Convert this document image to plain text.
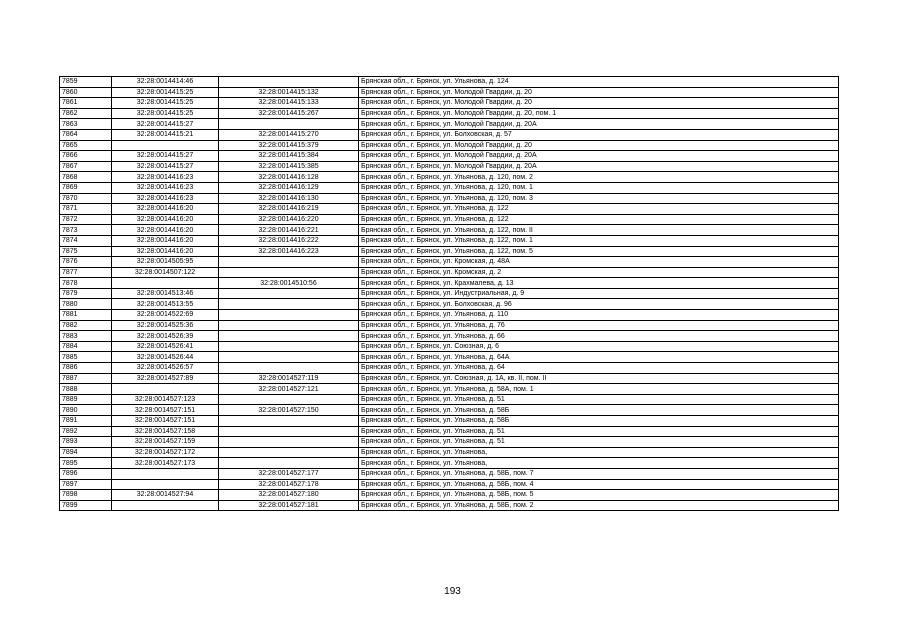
7859	32:28:0014414:46		Брянская обл., г. Брянск, ул. Ульянова, д. 124
7860	32:28:0014415:25	32:28:0014415:132	Брянская обл., г. Брянск, ул. Молодой Гвардии, д. 20
7861	32:28:0014415:25	32:28:0014415:133	Брянская обл., г. Брянск, ул. Молодой Гвардии, д. 20
7862	32:28:0014415:25	32:28:0014415:267	Брянская обл., г. Брянск, ул. Молодой Гвардии, д. 20, пом. 1
7863	32:28:0014415:27		Брянская обл., г. Брянск, ул. Молодой Гвардии, д. 20А
7864	32:28:0014415:21	32:28:0014415:270	Брянская обл., г. Брянск, ул. Болховская, д. 57
7865		32:28:0014415:379	Брянская обл., г. Брянск, ул. Молодой Гвардии, д. 20
7866	32:28:0014415:27	32:28:0014415:384	Брянская обл., г. Брянск, ул. Молодой Гвардии, д. 20А
7867	32:28:0014415:27	32:28:0014415:385	Брянская обл., г. Брянск, ул. Молодой Гвардии, д. 20А
7868	32:28:0014416:23	32:28:0014416:128	Брянская обл., г. Брянск, ул. Ульянова, д. 120, пом. 2
7869	32:28:0014416:23	32:28:0014416:129	Брянская обл., г. Брянск, ул. Ульянова, д. 120, пом. 1
7870	32:28:0014416:23	32:28:0014416:130	Брянская обл., г. Брянск, ул. Ульянова, д. 120, пом. 3
7871	32:28:0014416:20	32:28:0014416:219	Брянская обл., г. Брянск, ул. Ульянова, д. 122
7872	32:28:0014416:20	32:28:0014416:220	Брянская обл., г. Брянск, ул. Ульянова, д. 122
7873	32:28:0014416:20	32:28:0014416:221	Брянская обл., г. Брянск, ул. Ульянова, д. 122, пом. II
7874	32:28:0014416:20	32:28:0014416:222	Брянская обл., г. Брянск, ул. Ульянова, д. 122, пом. 1
7875	32:28:0014416:20	32:28:0014416:223	Брянская обл., г. Брянск, ул. Ульянова, д. 122, пом. 5
7876	32:28:0014505:95		Брянская обл., г. Брянск, ул. Кромская, д. 48А
7877	32:28:0014507:122		Брянская обл., г. Брянск, ул. Кромская, д. 2
7878		32:28:0014510:56	Брянская обл., г. Брянск, ул. Крахмалева, д. 13
7879	32:28:0014513:46		Брянская обл., г. Брянск, ул. Индустриальная, д. 9
7880	32:28:0014513:55		Брянская обл., г. Брянск, ул. Болховская, д. 96
7881	32:28:0014522:69		Брянская обл., г. Брянск, ул. Ульянова, д. 110
7882	32:28:0014525:36		Брянская обл., г. Брянск, ул. Ульянова, д. 76
7883	32:28:0014526:39		Брянская обл., г. Брянск, ул. Ульянова, д. 66
7884	32:28:0014526:41		Брянская обл., г. Брянск, ул. Союзная, д. 6
7885	32:28:0014526:44		Брянская обл., г. Брянск, ул. Ульянова, д. 64А
7886	32:28:0014526:57		Брянская обл., г. Брянск, ул. Ульянова, д. 64
7887	32:28:0014527:89	32:28:0014527:119	Брянская обл., г. Брянск, ул. Союзная, д. 1А, кв. II, пом. II
7888		32:28:0014527:121	Брянская обл., г. Брянск, ул. Ульянова, д. 58А, пом. 1
7889	32:28:0014527:123		Брянская обл., г. Брянск, ул. Ульянова, д. 51
7890	32:28:0014527:151	32:28:0014527:150	Брянская обл., г. Брянск, ул. Ульянова, д. 58Б
7891	32:28:0014527:151		Брянская обл., г. Брянск, ул. Ульянова, д. 58Б
7892	32:28:0014527:158		Брянская обл., г. Брянск, ул. Ульянова, д. 51
7893	32:28:0014527:159		Брянская обл., г. Брянск, ул. Ульянова, д. 51
7894	32:28:0014527:172		Брянская обл., г. Брянск, ул. Ульянова,
7895	32:28:0014527:173		Брянская обл., г. Брянск, ул. Ульянова,
7896		32:28:0014527:177	Брянская обл., г. Брянск, ул. Ульянова, д. 58Б, пом. 7
7897		32:28:0014527:178	Брянская обл., г. Брянск, ул. Ульянова, д. 58Б, пом. 4
7898	32:28:0014527:94	32:28:0014527:180	Брянская обл., г. Брянск, ул. Ульянова, д. 58Б, пом. 5
7899		32:28:0014527:181	Брянская обл., г. Брянск, ул. Ульянова, д. 58Б, пом. 2
193
